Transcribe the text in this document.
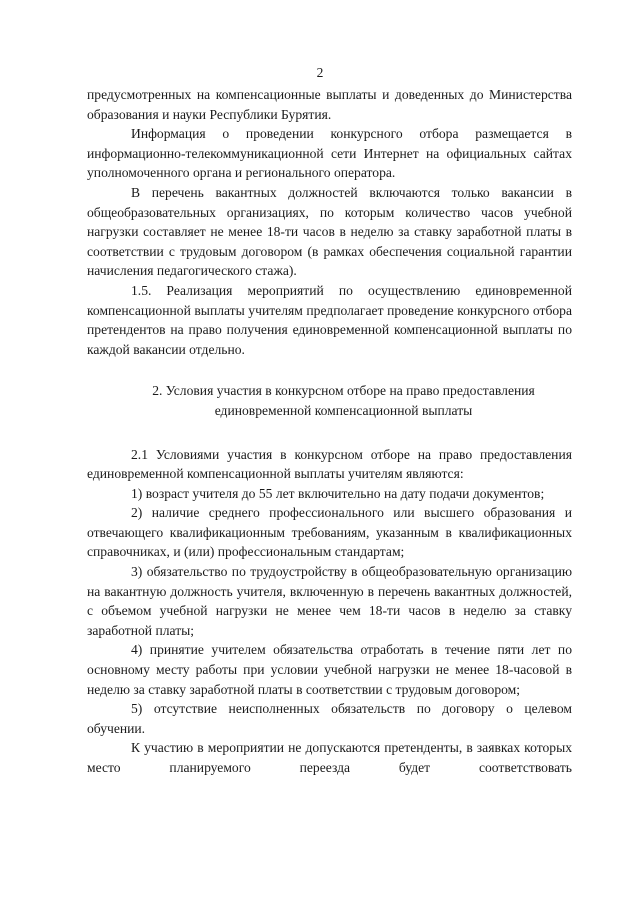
2

предусмотренных на компенсационные выплаты и доведенных до Министерства образования и науки Республики Бурятия.

Информация о проведении конкурсного отбора размещается в информационно-телекоммуникационной сети Интернет на официальных сайтах уполномоченного органа и регионального оператора.

В перечень вакантных должностей включаются только вакансии в общеобразовательных организациях, по которым количество часов учебной нагрузки составляет не менее 18-ти часов в неделю за ставку заработной платы в соответствии с трудовым договором (в рамках обеспечения социальной гарантии начисления педагогического стажа).

1.5. Реализация мероприятий по осуществлению единовременной компенсационной выплаты учителям предполагает проведение конкурсного отбора претендентов на право получения единовременной компенсационной выплаты по каждой вакансии отдельно.

2. Условия участия в конкурсном отборе на право предоставления
единовременной компенсационной выплаты

2.1 Условиями участия в конкурсном отборе на право предоставления единовременной компенсационной выплаты учителям являются:

1) возраст учителя до 55 лет включительно на дату подачи документов;

2) наличие среднего профессионального или высшего образования и отвечающего квалификационным требованиям, указанным в квалификационных справочниках, и (или) профессиональным стандартам;

3) обязательство по трудоустройству в общеобразовательную организацию на вакантную должность учителя, включенную в перечень вакантных должностей, с объемом учебной нагрузки не менее чем 18-ти часов в неделю за ставку заработной платы;

4) принятие учителем обязательства отработать в течение пяти лет по основному месту работы при условии учебной нагрузки не менее 18-часовой в неделю за ставку заработной платы в соответствии с трудовым договором;

5) отсутствие неисполненных обязательств по договору о целевом обучении.

К участию в мероприятии не допускаются претенденты, в заявках которых место планируемого переезда будет соответствовать
